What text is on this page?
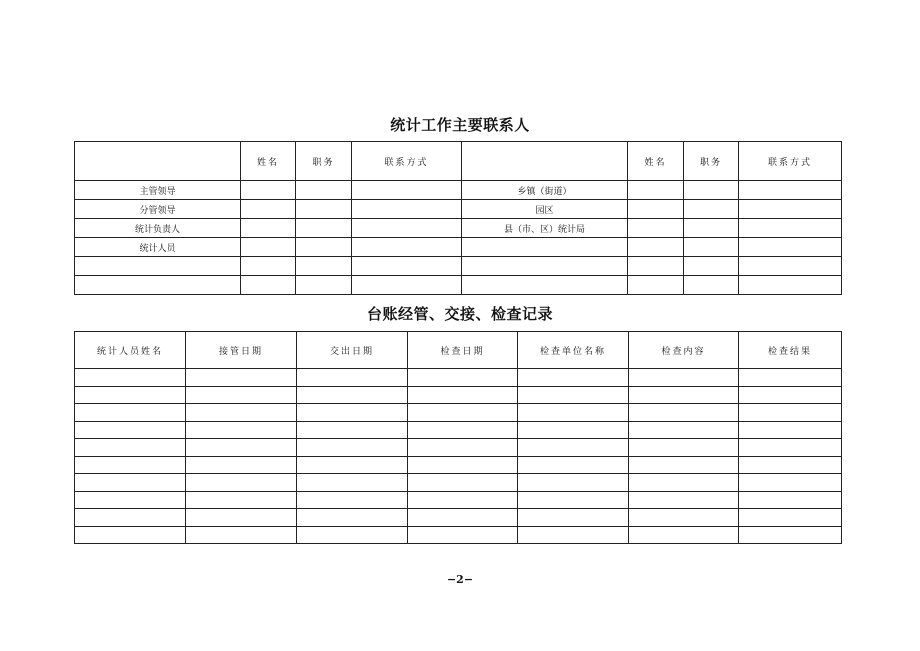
统计工作主要联系人
	姓名	职务	联系方式		姓名	职务	联系方式
主管领导				乡镇（街道）			
分管领导				园区			
统计负责人				县（市、区）统计局			
统计人员							

台账经管、交接、检查记录
统计人员姓名	接管日期	交出日期	检查日期	检查单位名称	检查内容	检查结果

−2−
